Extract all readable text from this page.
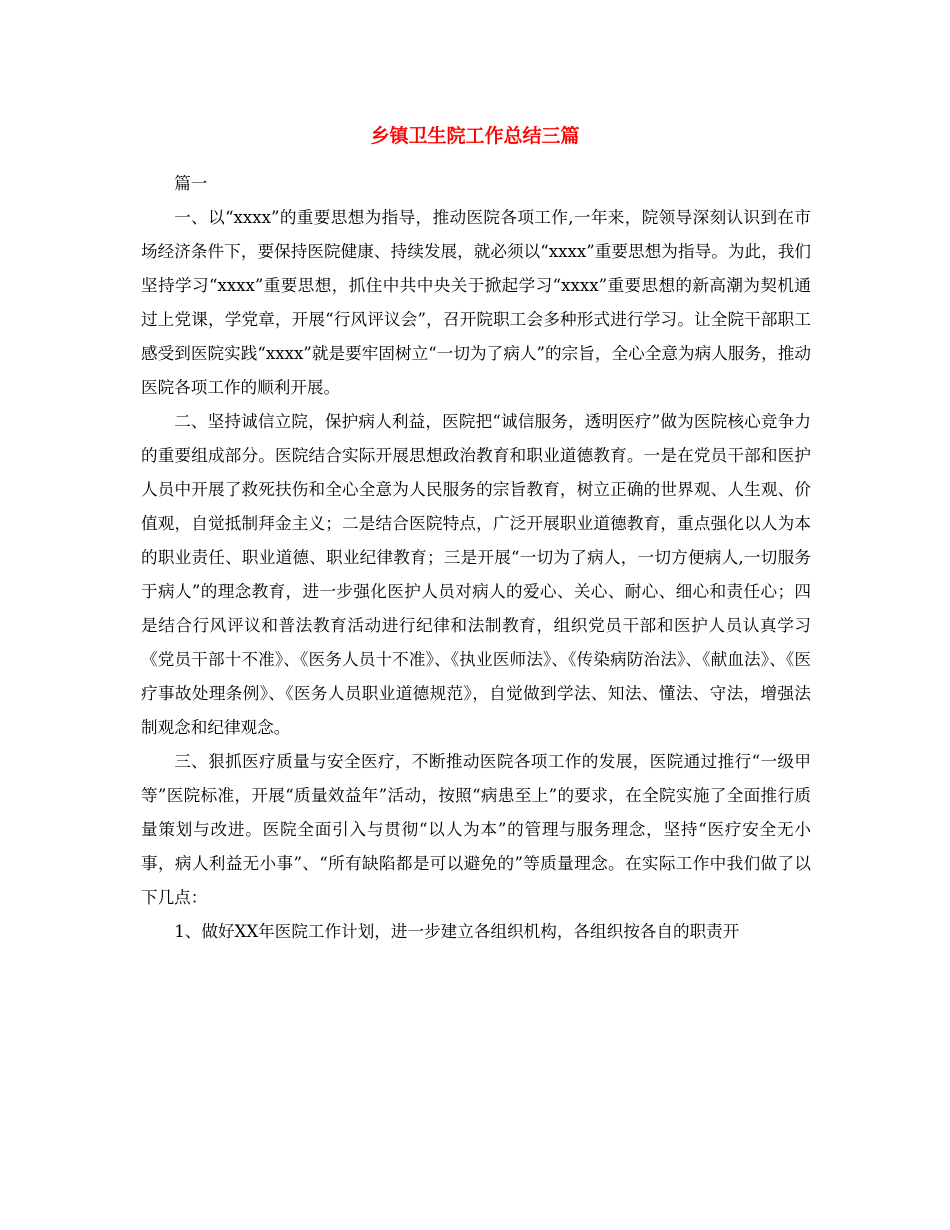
乡镇卫生院工作总结三篇

篇一

一、以“xxxx”的重要思想为指导，推动医院各项工作,一年来，院领导深刻认识到在市场经济条件下，要保持医院健康、持续发展，就必须以“xxxx”重要思想为指导。为此，我们坚持学习“xxxx”重要思想，抓住中共中央关于掀起学习“xxxx”重要思想的新高潮为契机通过上党课，学党章，开展“行风评议会”，召开院职工会多种形式进行学习。让全院干部职工感受到医院实践“xxxx”就是要牢固树立“一切为了病人”的宗旨，全心全意为病人服务，推动医院各项工作的顺利开展。

二、坚持诚信立院，保护病人利益，医院把“诚信服务，透明医疗”做为医院核心竞争力的重要组成部分。医院结合实际开展思想政治教育和职业道德教育。一是在党员干部和医护人员中开展了救死扶伤和全心全意为人民服务的宗旨教育，树立正确的世界观、人生观、价值观，自觉抵制拜金主义；二是结合医院特点，广泛开展职业道德教育，重点强化以人为本的职业责任、职业道德、职业纪律教育；三是开展“一切为了病人，一切方便病人,一切服务于病人”的理念教育，进一步强化医护人员对病人的爱心、关心、耐心、细心和责任心；四是结合行风评议和普法教育活动进行纪律和法制教育，组织党员干部和医护人员认真学习《党员干部十不准》、《医务人员十不准》、《执业医师法》、《传染病防治法》、《献血法》、《医疗事故处理条例》、《医务人员职业道德规范》，自觉做到学法、知法、懂法、守法，增强法制观念和纪律观念。

三、狠抓医疗质量与安全医疗，不断推动医院各项工作的发展，医院通过推行“一级甲等”医院标准，开展“质量效益年”活动，按照“病患至上”的要求，在全院实施了全面推行质量策划与改进。医院全面引入与贯彻“以人为本”的管理与服务理念，坚持“医疗安全无小事，病人利益无小事”、“所有缺陷都是可以避免的”等质量理念。在实际工作中我们做了以下几点：

1、做好XX年医院工作计划，进一步建立各组织机构，各组织按各自的职责开
